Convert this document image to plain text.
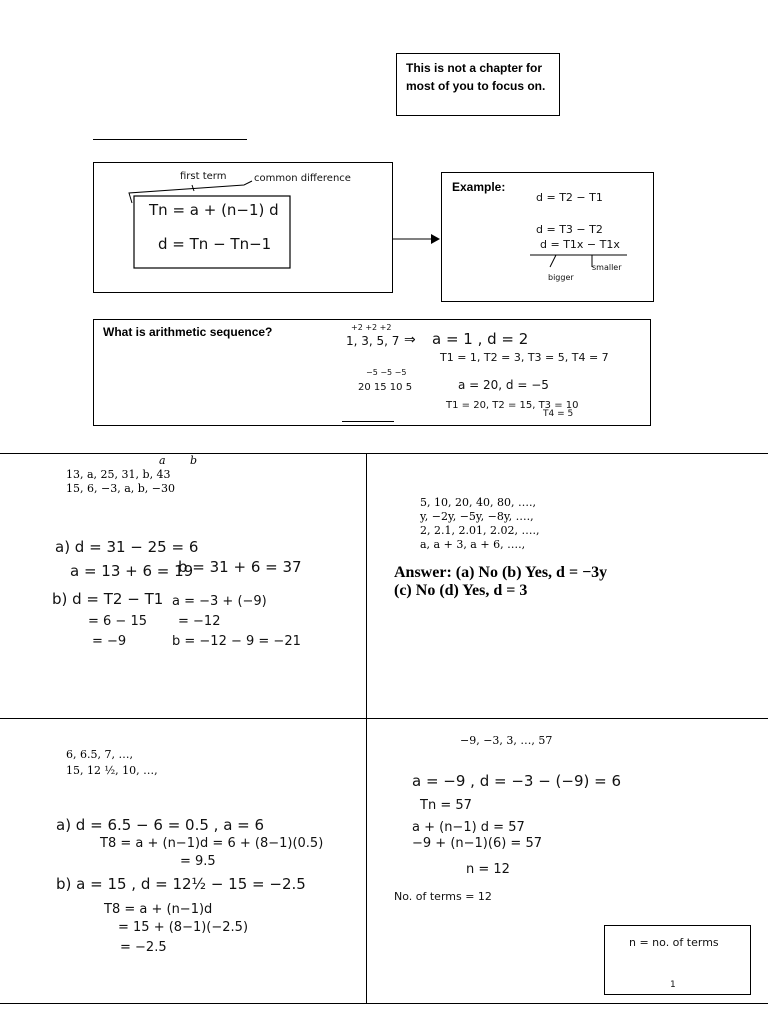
This is not a chapter for most of you to focus on.
first term	common difference
Tn = a + (n−1) d
d = Tn − Tn−1
Example:
d = T2 − T1
d = T3 − T2
d = T1x − T1x
bigger
smaller
What is arithmetic sequence?	+2 +2 +2
1, 3, 5, 7 ⇒ a = 1 , d = 2
T1 = 1, T2 = 3, T3 = 5, T4 = 7
−5 −5 −5
20 15 10 5	a = 20, d = −5
T1 = 20, T2 = 15, T3 = 10
T4 = 5
a b
13, a, 25, 31, b, 43
15, 6, −3, a, b, −30
a) d = 31 − 25 = 6
a = 13 + 6 = 19
b = 31 + 6 = 37
b) d = T2 − T1
= 6 − 15
= −9
a = −3 + (−9)
= −12
b = −12 − 9 = −21
5, 10, 20, 40, 80, ….,
y, −2y, −5y, −8y, ….,
2, 2.1, 2.01, 2.02, ….,
a, a + 3, a + 6, ….,
Answer: (a) No (b) Yes, d = −3y
(c) No (d) Yes, d = 3
6, 6.5, 7, …,
15, 12 ½, 10, …,
a) d = 6.5 − 6 = 0.5 , a = 6
T8 = a + (n−1)d = 6 + (8−1)(0.5)
= 9.5
b) a = 15 , d = 12½ − 15 = −2.5
T8 = a + (n−1)d
= 15 + (8−1)(−2.5)
= −2.5
−9, −3, 3, …, 57
a = −9 , d = −3 − (−9) = 6
Tn = 57
a + (n−1) d = 57
−9 + (n−1)(6) = 57
n = 12
No. of terms = 12
n = no. of terms
1
